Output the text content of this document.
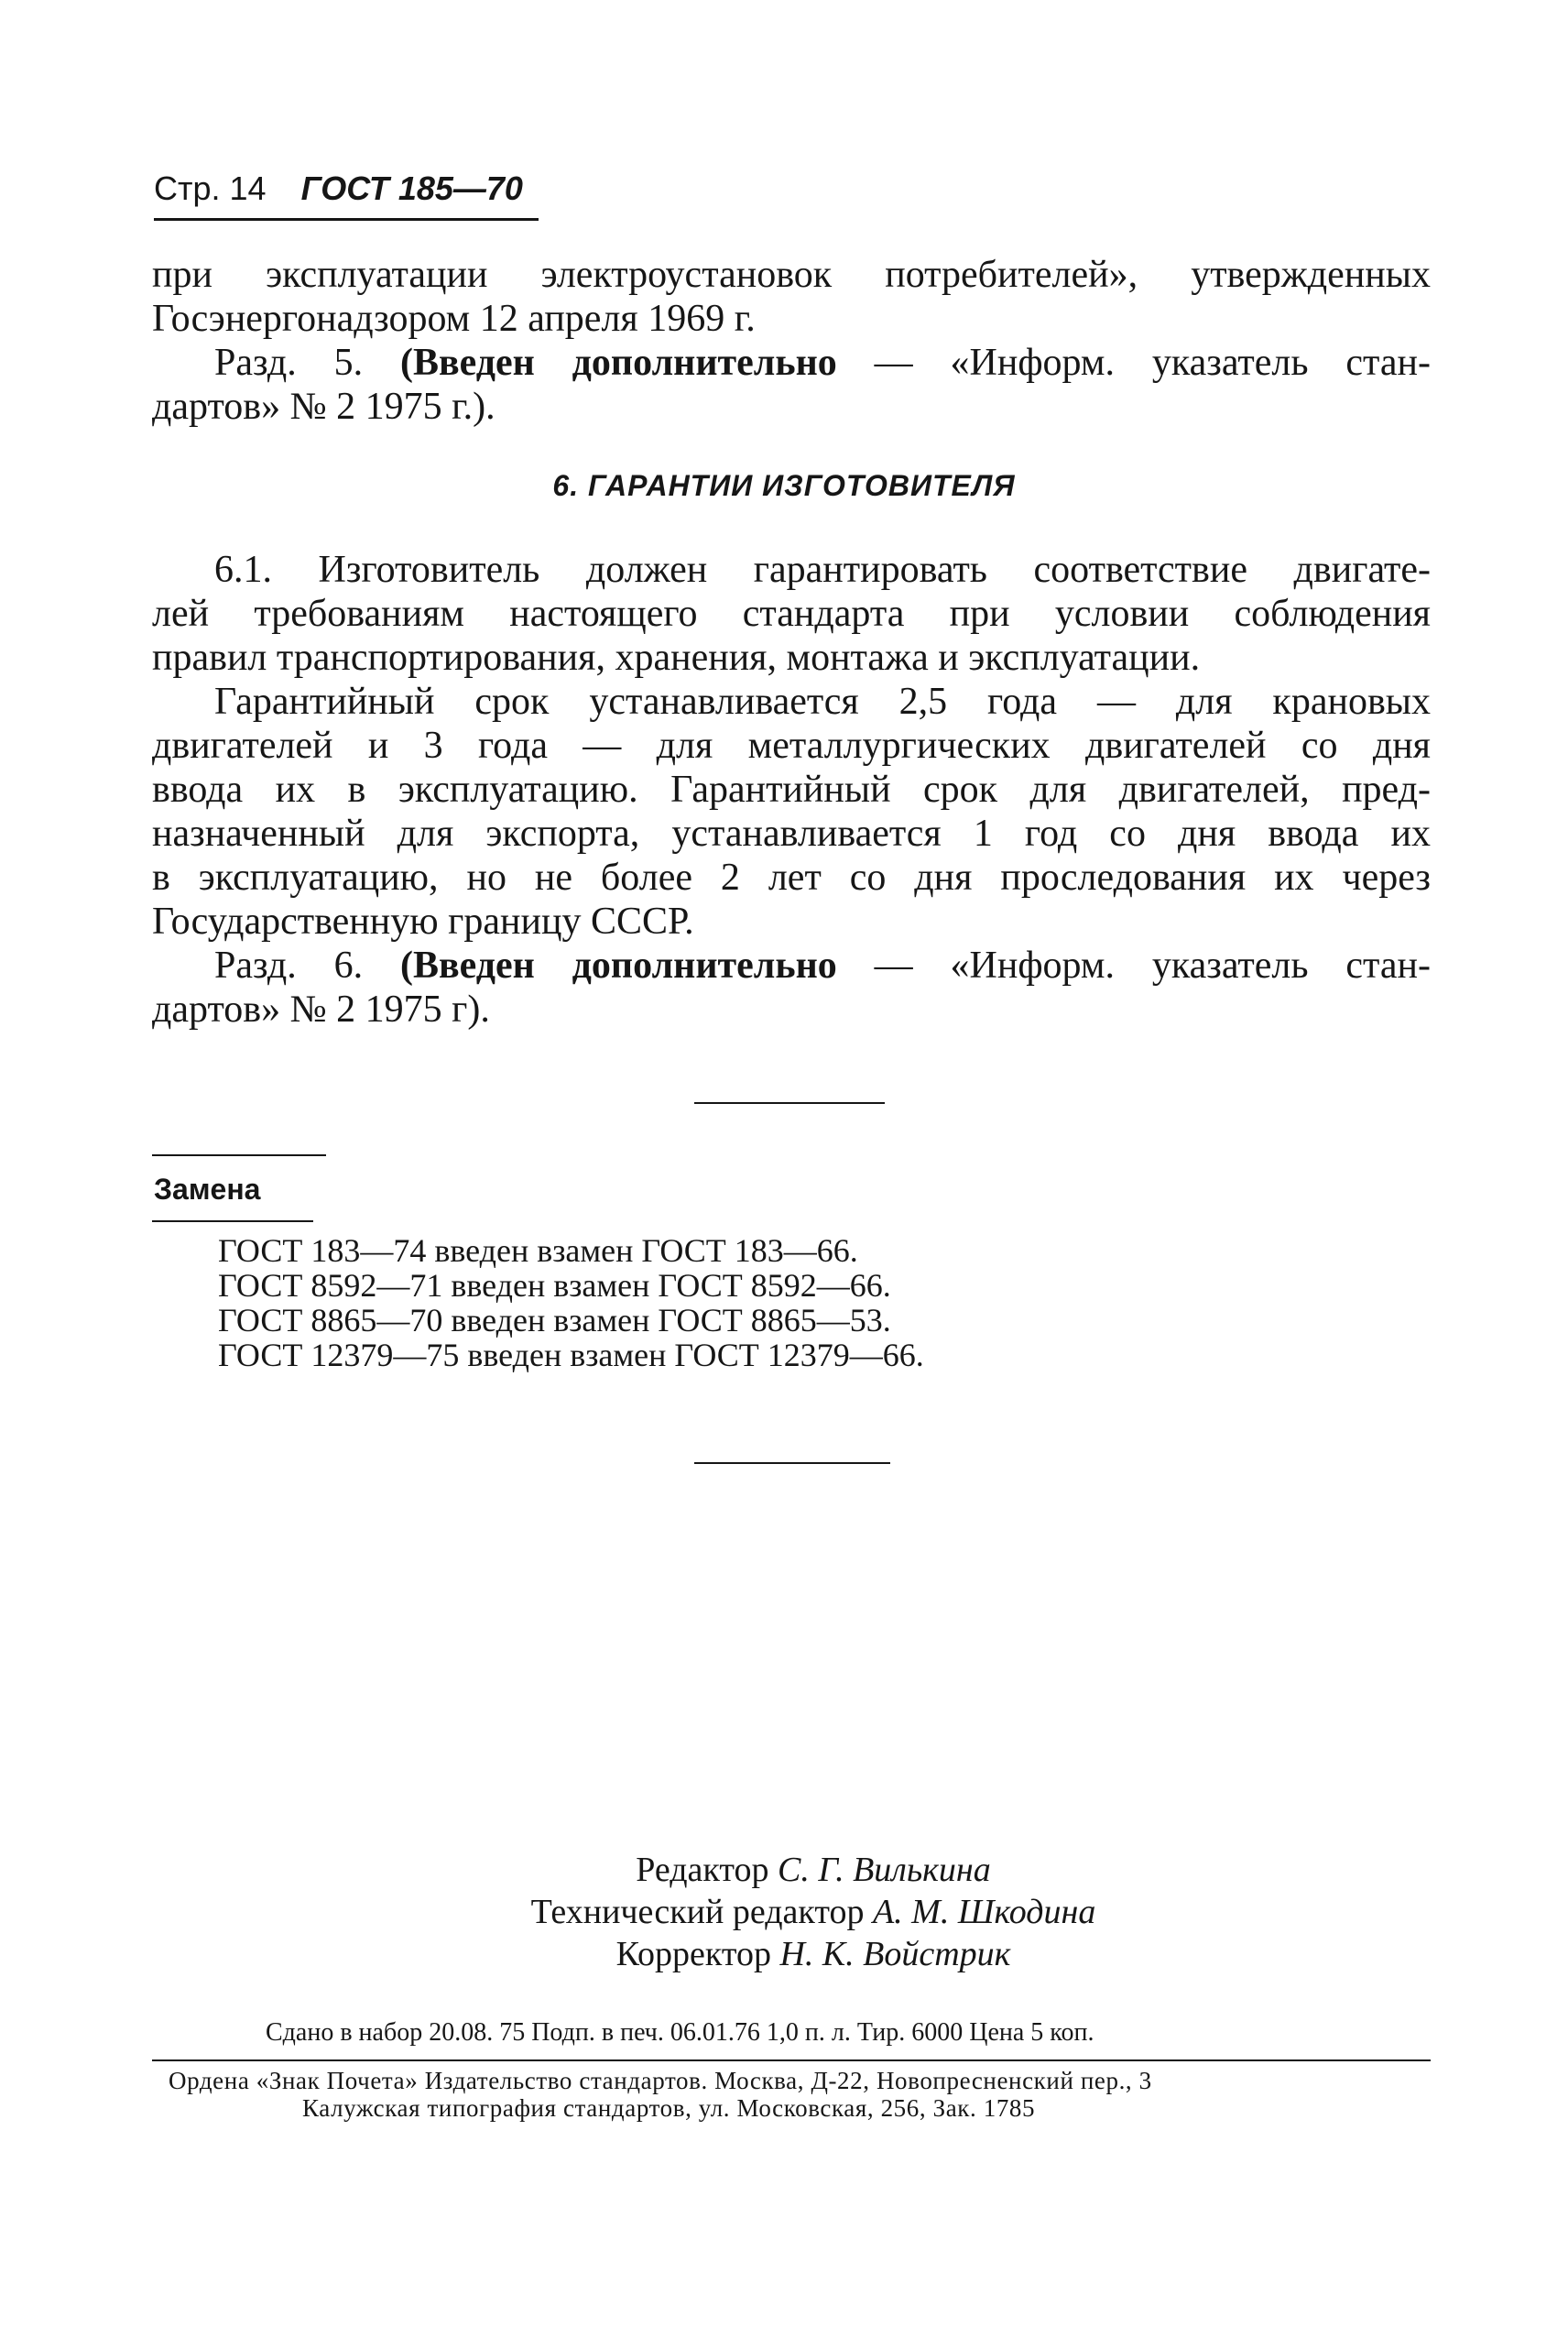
Стр. 14 ГОСТ 185—70
при эксплуатации электроустановок потребителей», утвержденных
Госэнергонадзором 12 апреля 1969 г.
Разд. 5. (Введен дополнительно — «Информ. указатель стан-
дартов» № 2 1975 г.).
6. ГАРАНТИИ ИЗГОТОВИТЕЛЯ
6.1. Изготовитель должен гарантировать соответствие двигате-
лей требованиям настоящего стандарта при условии соблюдения
правил транспортирования, хранения, монтажа и эксплуатации.
Гарантийный срок устанавливается 2,5 года — для крановых
двигателей и 3 года — для металлургических двигателей со дня
ввода их в эксплуатацию. Гарантийный срок для двигателей, пред-
назначенный для экспорта, устанавливается 1 год со дня ввода их
в эксплуатацию, но не более 2 лет со дня проследования их через
Государственную границу СССР.
Разд. 6. (Введен дополнительно — «Информ. указатель стан-
дартов» № 2 1975 г).
Замена
ГОСТ 183—74 введен взамен ГОСТ 183—66.
ГОСТ 8592—71 введен взамен ГОСТ 8592—66.
ГОСТ 8865—70 введен взамен ГОСТ 8865—53.
ГОСТ 12379—75 введен взамен ГОСТ 12379—66.
Редактор С. Г. Вилькина
Технический редактор А. М. Шкодина
Корректор Н. К. Войстрик
Сдано в набор 20.08. 75 Подп. в печ. 06.01.76 1,0 п. л. Тир. 6000 Цена 5 коп.
Ордена «Знак Почета» Издательство стандартов. Москва, Д-22, Новопресненский пер., 3
Калужская типография стандартов, ул. Московская, 256, Зак. 1785
